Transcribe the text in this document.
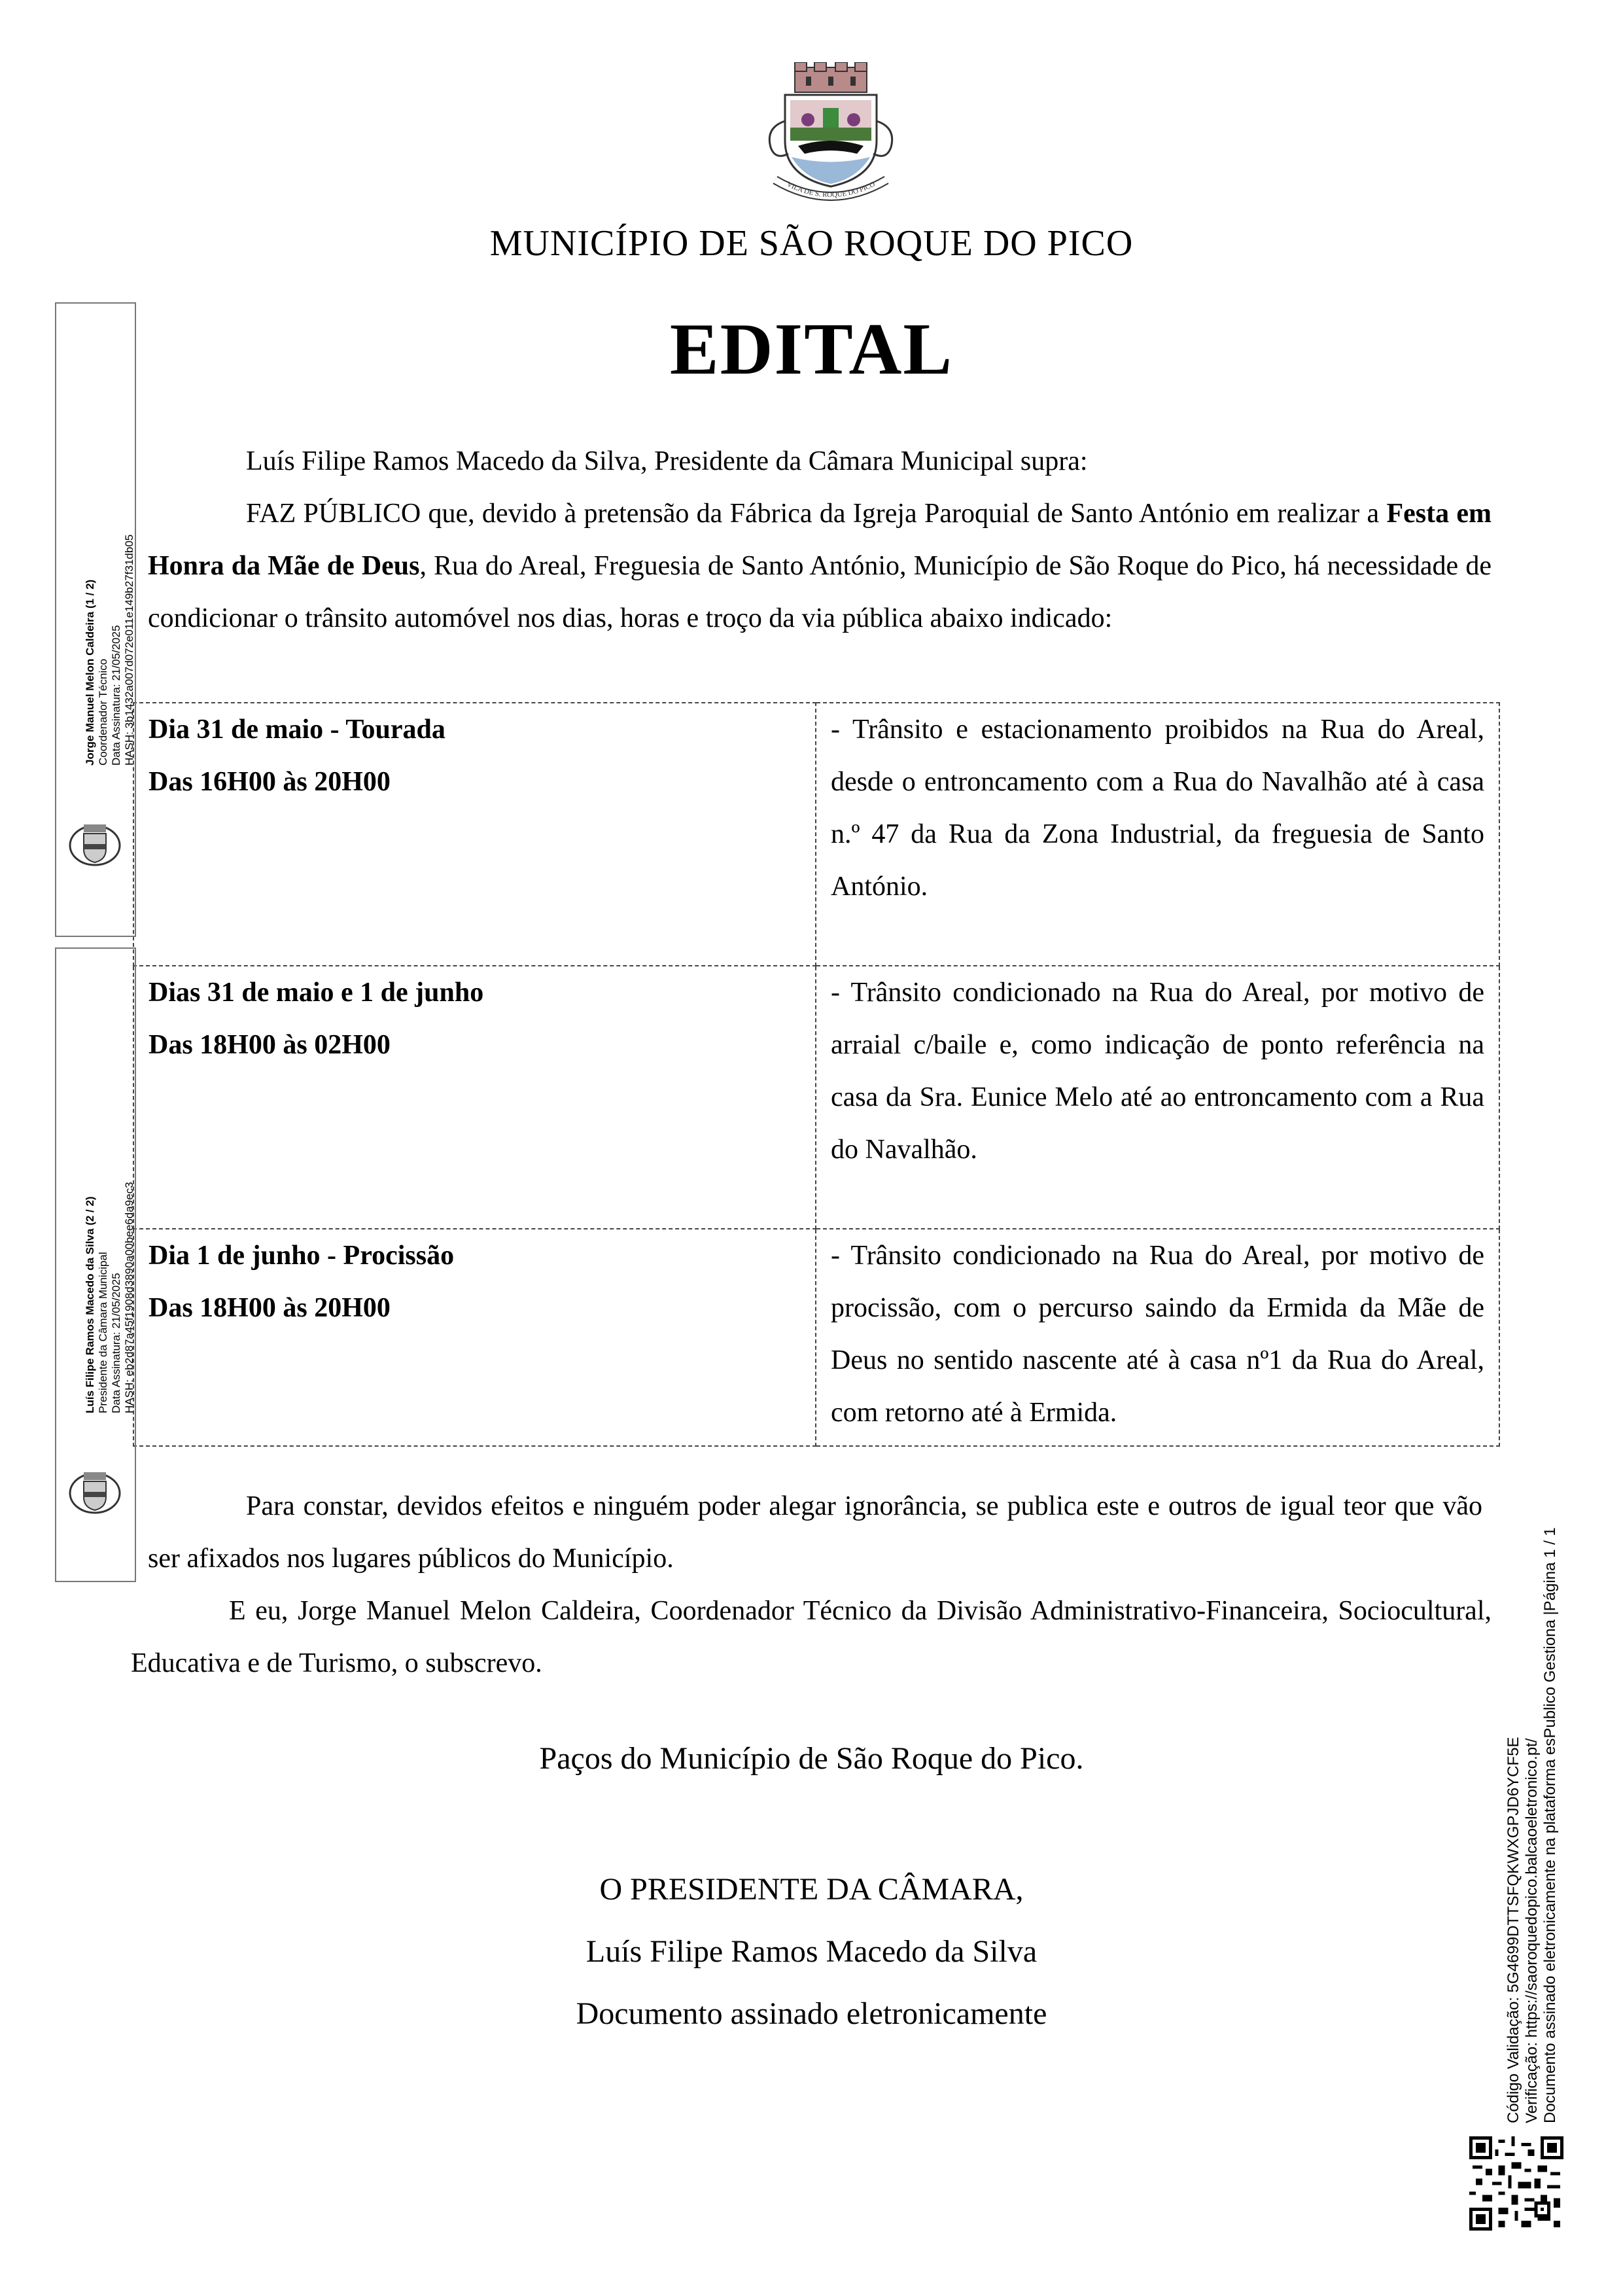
VILA DE S. ROQUE DO PICO
MUNICÍPIO DE SÃO ROQUE DO PICO
EDITAL
Luís Filipe Ramos Macedo da Silva, Presidente da Câmara Municipal supra:
FAZ PÚBLICO que, devido à pretensão da Fábrica da Igreja Paroquial de Santo António em realizar a Festa em Honra da Mãe de Deus, Rua do Areal, Freguesia de Santo António, Município de São Roque do Pico, há necessidade de condicionar o trânsito automóvel nos dias, horas e troço da via pública abaixo indicado:
Dia 31 de maio - Tourada
Das 16H00 às 20H00	- Trânsito e estacionamento proibidos na Rua do Areal, desde o entroncamento com a Rua do Navalhão até à casa n.º 47 da Rua da Zona Industrial, da freguesia de Santo António.

Dias 31 de maio e 1 de junho
Das 18H00 às 02H00	- Trânsito condicionado na Rua do Areal, por motivo de arraial c/baile e, como indicação de ponto referência na casa da Sra. Eunice Melo até ao entroncamento com a Rua do Navalhão.

Dia 1 de junho - Procissão
Das 18H00 às 20H00	- Trânsito condicionado na Rua do Areal, por motivo de procissão, com o percurso saindo da Ermida da Mãe de Deus no sentido nascente até à casa nº1 da Rua do Areal, com retorno até à Ermida.
Para constar, devidos efeitos e ninguém poder alegar ignorância, se publica este e outros de igual teor que vão ser afixados nos lugares públicos do Município.
E eu, Jorge Manuel Melon Caldeira, Coordenador Técnico da Divisão Administrativo-Financeira, Sociocultural, Educativa e de Turismo, o subscrevo.
Paços do Município de São Roque do Pico.
O PRESIDENTE DA CÂMARA,
Luís Filipe Ramos Macedo da Silva
Documento assinado eletronicamente
Jorge Manuel Melon Caldeira (1 / 2) Coordenador Técnico Data Assinatura: 21/05/2025 HASH: 3b1432a007d072e011e149b27f31db05
Luís Filipe Ramos Macedo da Silva (2 / 2) Presidente da Câmara Municipal Data Assinatura: 21/05/2025 HASH: eb2d87a45f1908d3890a00bee6da9ec3
Código Validação: 5G4699DTTSFQKWXGPJD6YCF5E Verificação: https://saoroquedopico.balcaoeletronico.pt/ Documento assinado eletronicamente na plataforma esPublico Gestiona |Página 1 / 1
